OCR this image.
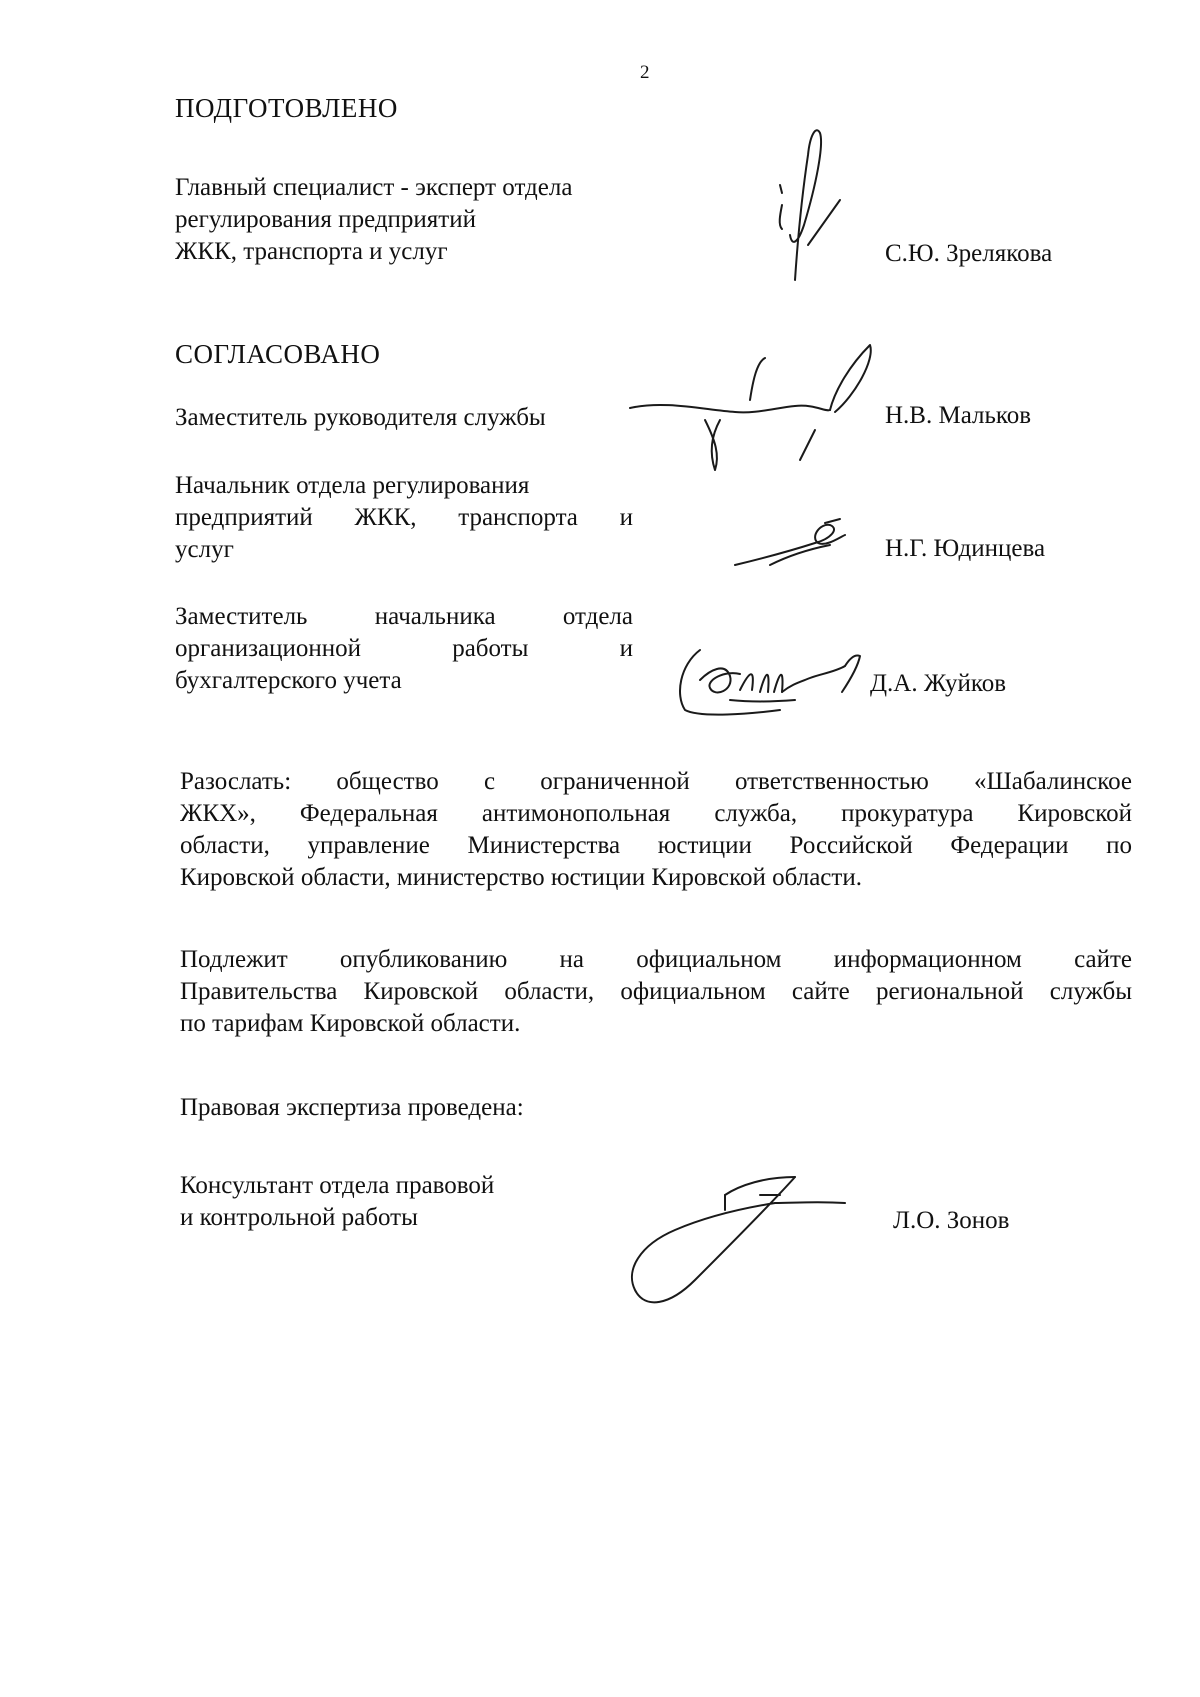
2
ПОДГОТОВЛЕНО
Главный специалист - эксперт отдела
регулирования предприятий
ЖКК, транспорта и услуг	С.Ю. Зрелякова
СОГЛАСОВАНО
Заместитель руководителя службы	Н.В. Мальков
Начальник отдела регулирования
предприятий ЖКК, транспорта и
услуг	Н.Г. Юдинцева
Заместитель начальника отдела
организационной работы и
бухгалтерского учета	Д.А. Жуйков
Разослать: общество с ограниченной ответственностью «Шабалинское
ЖКХ», Федеральная антимонопольная служба, прокуратура Кировской
области, управление Министерства юстиции Российской Федерации по
Кировской области, министерство юстиции Кировской области.
Подлежит опубликованию на официальном информационном сайте
Правительства Кировской области, официальном сайте региональной службы
по тарифам Кировской области.
Правовая экспертиза проведена:
Консультант отдела правовой
и контрольной работы	Л.О. Зонов
